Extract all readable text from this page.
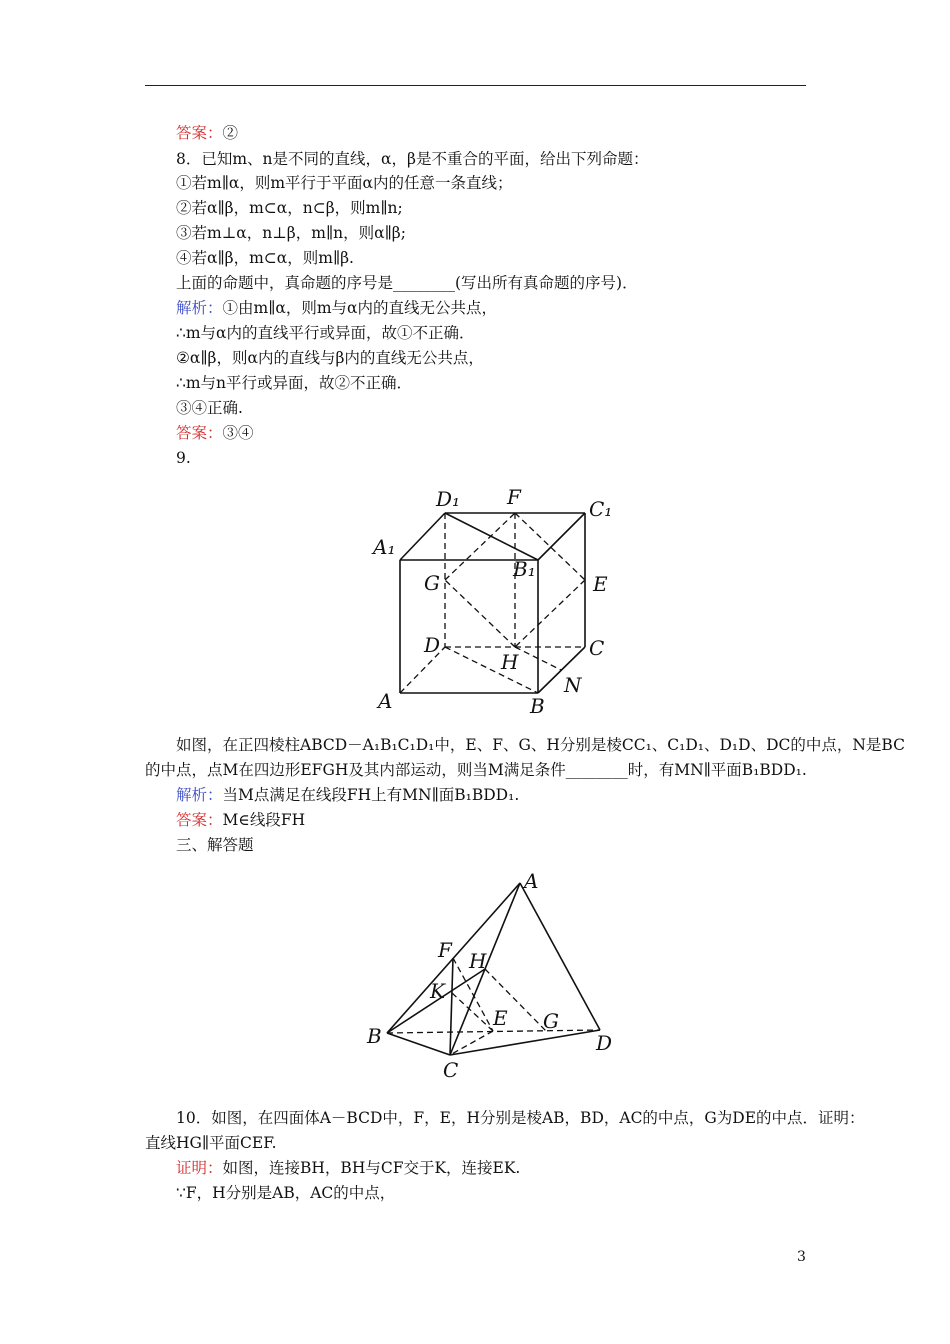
答案：②
8．已知m、n是不同的直线，α，β是不重合的平面，给出下列命题：
①若m∥α，则m平行于平面α内的任意一条直线；
②若α∥β，m⊂α，n⊂β，则m∥n;
③若m⊥α，n⊥β，m∥n，则α∥β;
④若α∥β，m⊂α，则m∥β.
上面的命题中，真命题的序号是________(写出所有真命题的序号)．
解析：①由m∥α，则m与α内的直线无公共点，
∴m与α内的直线平行或异面，故①不正确．
②α∥β，则α内的直线与β内的直线无公共点，
∴m与n平行或异面，故②不正确．
③④正确.
答案：③④
9.
D₁ F	C₁
A₁
B₁
G	E
D
H
C
N
A	B
如图，在正四棱柱ABCD－A₁B₁C₁D₁中，E、F、G、H分别是棱CC₁、C₁D₁、D₁D、DC的中点，N是BC
的中点，点M在四边形EFGH及其内部运动，则当M满足条件________时，有MN∥平面B₁BDD₁.
解析：当M点满足在线段FH上有MN∥面B₁BDD₁.
答案：M∈线段FH
三、解答题
A
F H
K
E G
B	D
C
10．如图，在四面体A－BCD中，F，E，H分别是棱AB，BD，AC的中点，G为DE的中点．证明：
直线HG∥平面CEF.
证明：如图，连接BH，BH与CF交于K，连接EK.
∵F，H分别是AB，AC的中点，
3
